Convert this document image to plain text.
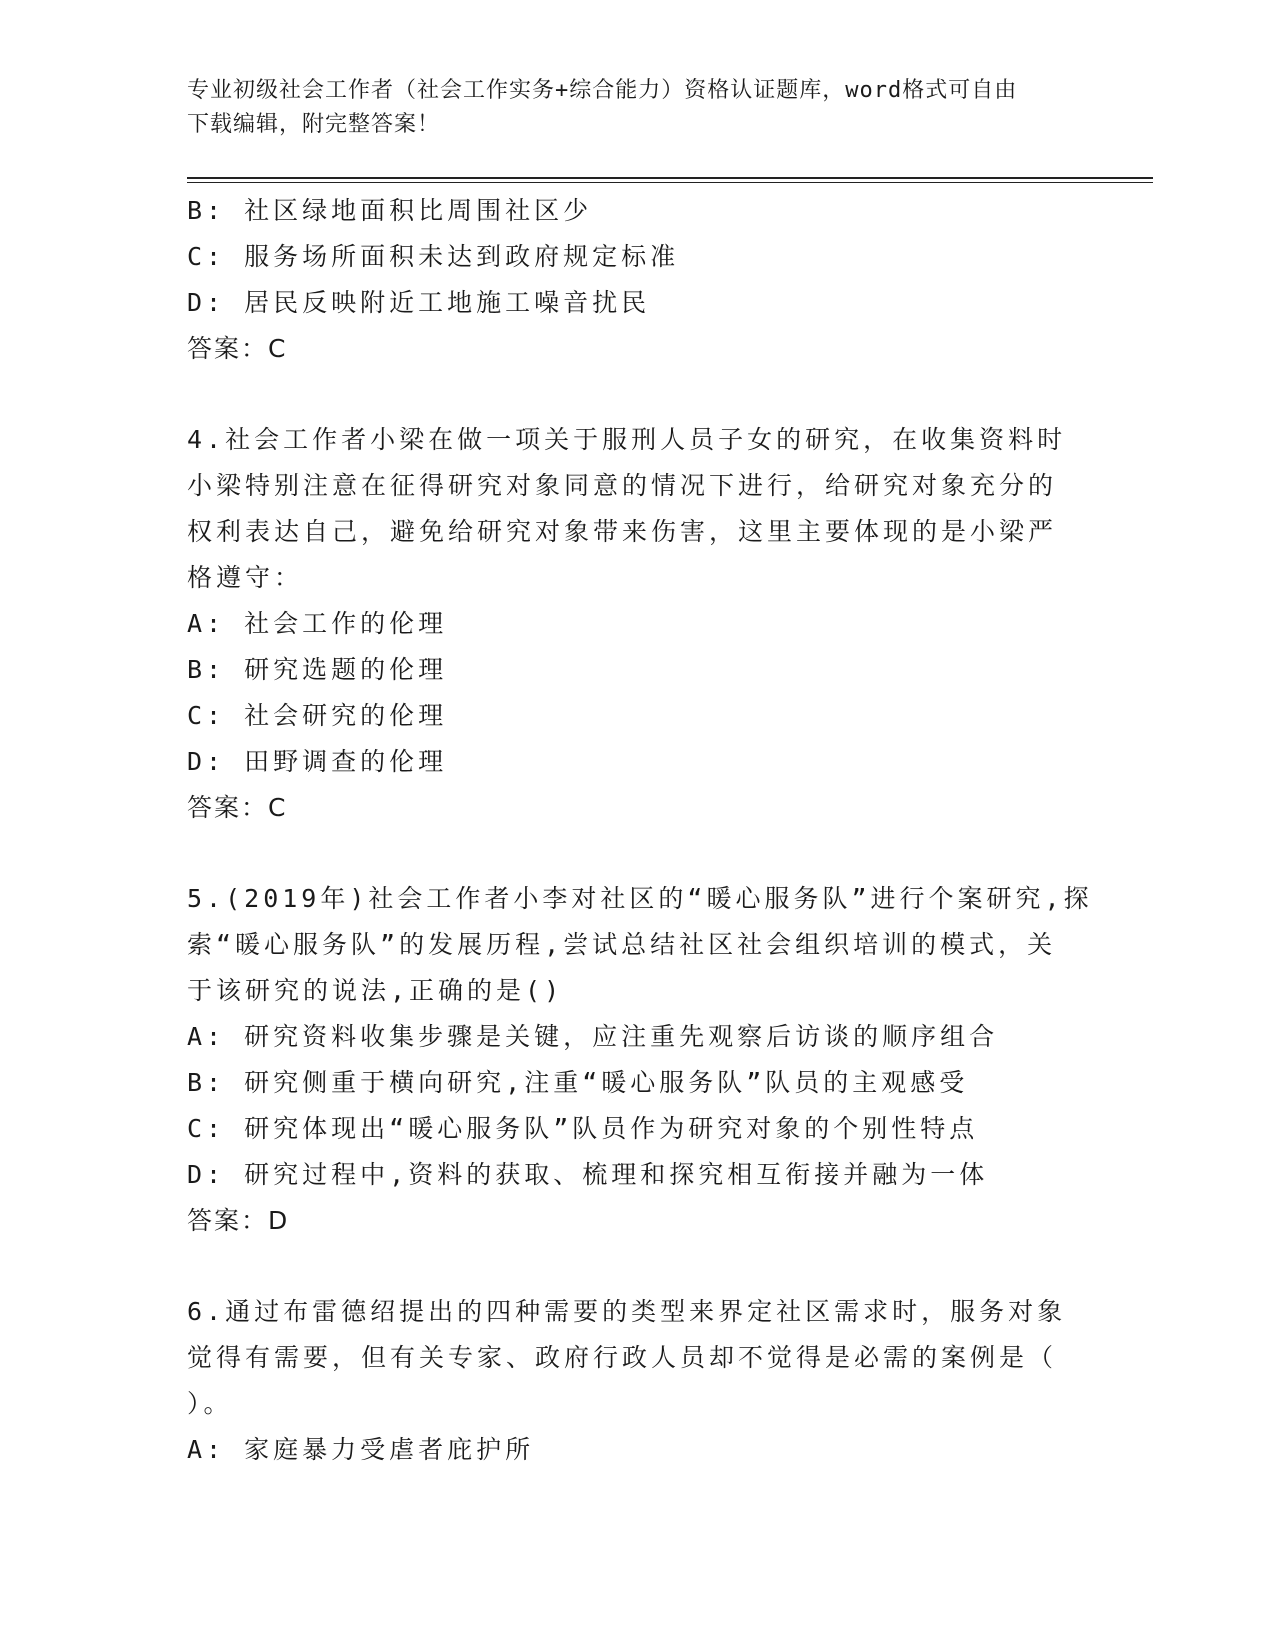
专业初级社会工作者（社会工作实务+综合能力）资格认证题库，word格式可自由
下载编辑，附完整答案！
B: 社区绿地面积比周围社区少
C: 服务场所面积未达到政府规定标准
D: 居民反映附近工地施工噪音扰民
答案：C
4.社会工作者小梁在做一项关于服刑人员子女的研究，在收集资料时
小梁特别注意在征得研究对象同意的情况下进行，给研究对象充分的
权利表达自己，避免给研究对象带来伤害，这里主要体现的是小梁严
格遵守：
A: 社会工作的伦理
B: 研究选题的伦理
C: 社会研究的伦理
D: 田野调查的伦理
答案：C
5.(2019年)社会工作者小李对社区的“暖心服务队”进行个案研究,探
索“暖心服务队”的发展历程,尝试总结社区社会组织培训的模式，关
于该研究的说法,正确的是()
A: 研究资料收集步骤是关键，应注重先观察后访谈的顺序组合
B: 研究侧重于横向研究,注重“暖心服务队”队员的主观感受
C: 研究体现出“暖心服务队”队员作为研究对象的个别性特点
D: 研究过程中,资料的获取、梳理和探究相互衔接并融为一体
答案：D
6.通过布雷德绍提出的四种需要的类型来界定社区需求时，服务对象
觉得有需要，但有关专家、政府行政人员却不觉得是必需的案例是（
）。
A: 家庭暴力受虐者庇护所
